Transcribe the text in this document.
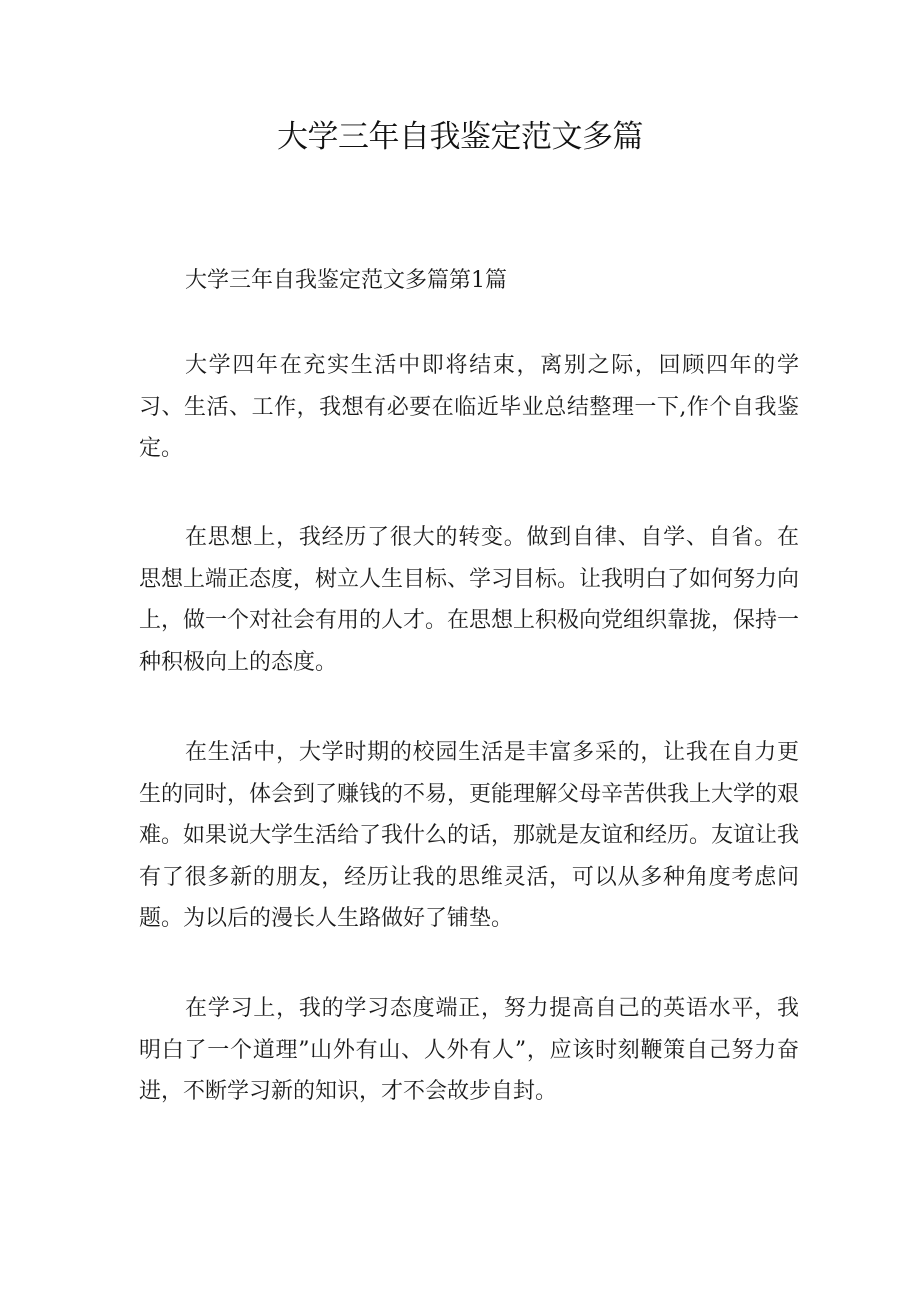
大学三年自我鉴定范文多篇

大学三年自我鉴定范文多篇第1篇

大学四年在充实生活中即将结束，离别之际，回顾四年的学习、生活、工作，我想有必要在临近毕业总结整理一下,作个自我鉴定。

在思想上，我经历了很大的转变。做到自律、自学、自省。在思想上端正态度，树立人生目标、学习目标。让我明白了如何努力向上，做一个对社会有用的人才。在思想上积极向党组织靠拢，保持一种积极向上的态度。

在生活中，大学时期的校园生活是丰富多采的，让我在自力更生的同时，体会到了赚钱的不易，更能理解父母辛苦供我上大学的艰难。如果说大学生活给了我什么的话，那就是友谊和经历。友谊让我有了很多新的朋友，经历让我的思维灵活，可以从多种角度考虑问题。为以后的漫长人生路做好了铺垫。

在学习上，我的学习态度端正，努力提高自己的英语水平，我明白了一个道理”山外有山、人外有人”，应该时刻鞭策自己努力奋进，不断学习新的知识，才不会故步自封。
